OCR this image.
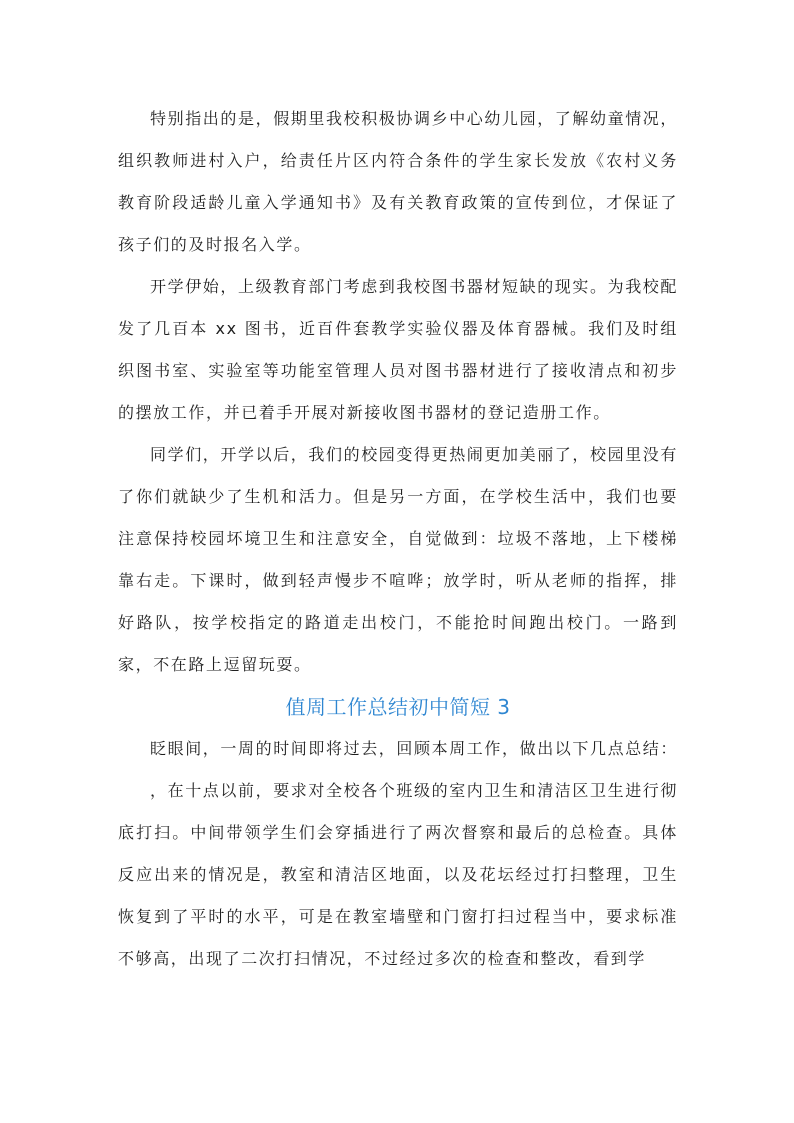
特别指出的是，假期里我校积极协调乡中心幼儿园，了解幼童情况，组织教师进村入户，给责任片区内符合条件的学生家长发放《农村义务教育阶段适龄儿童入学通知书》及有关教育政策的宣传到位，才保证了孩子们的及时报名入学。

开学伊始，上级教育部门考虑到我校图书器材短缺的现实。为我校配发了几百本 xx 图书，近百件套教学实验仪器及体育器械。我们及时组织图书室、实验室等功能室管理人员对图书器材进行了接收清点和初步的摆放工作，并已着手开展对新接收图书器材的登记造册工作。

同学们，开学以后，我们的校园变得更热闹更加美丽了，校园里没有了你们就缺少了生机和活力。但是另一方面，在学校生活中，我们也要注意保持校园坏境卫生和注意安全，自觉做到：垃圾不落地，上下楼梯靠右走。下课时，做到轻声慢步不喧哗；放学时，听从老师的指挥，排好路队，按学校指定的路道走出校门，不能抢时间跑出校门。一路到家，不在路上逗留玩耍。

值周工作总结初中简短 3

眨眼间，一周的时间即将过去，回顾本周工作，做出以下几点总结：

，在十点以前，要求对全校各个班级的室内卫生和清洁区卫生进行彻底打扫。中间带领学生们会穿插进行了两次督察和最后的总检查。具体反应出来的情况是，教室和清洁区地面，以及花坛经过打扫整理，卫生恢复到了平时的水平，可是在教室墙壁和门窗打扫过程当中，要求标准不够高，出现了二次打扫情况，不过经过多次的检查和整改，看到学
